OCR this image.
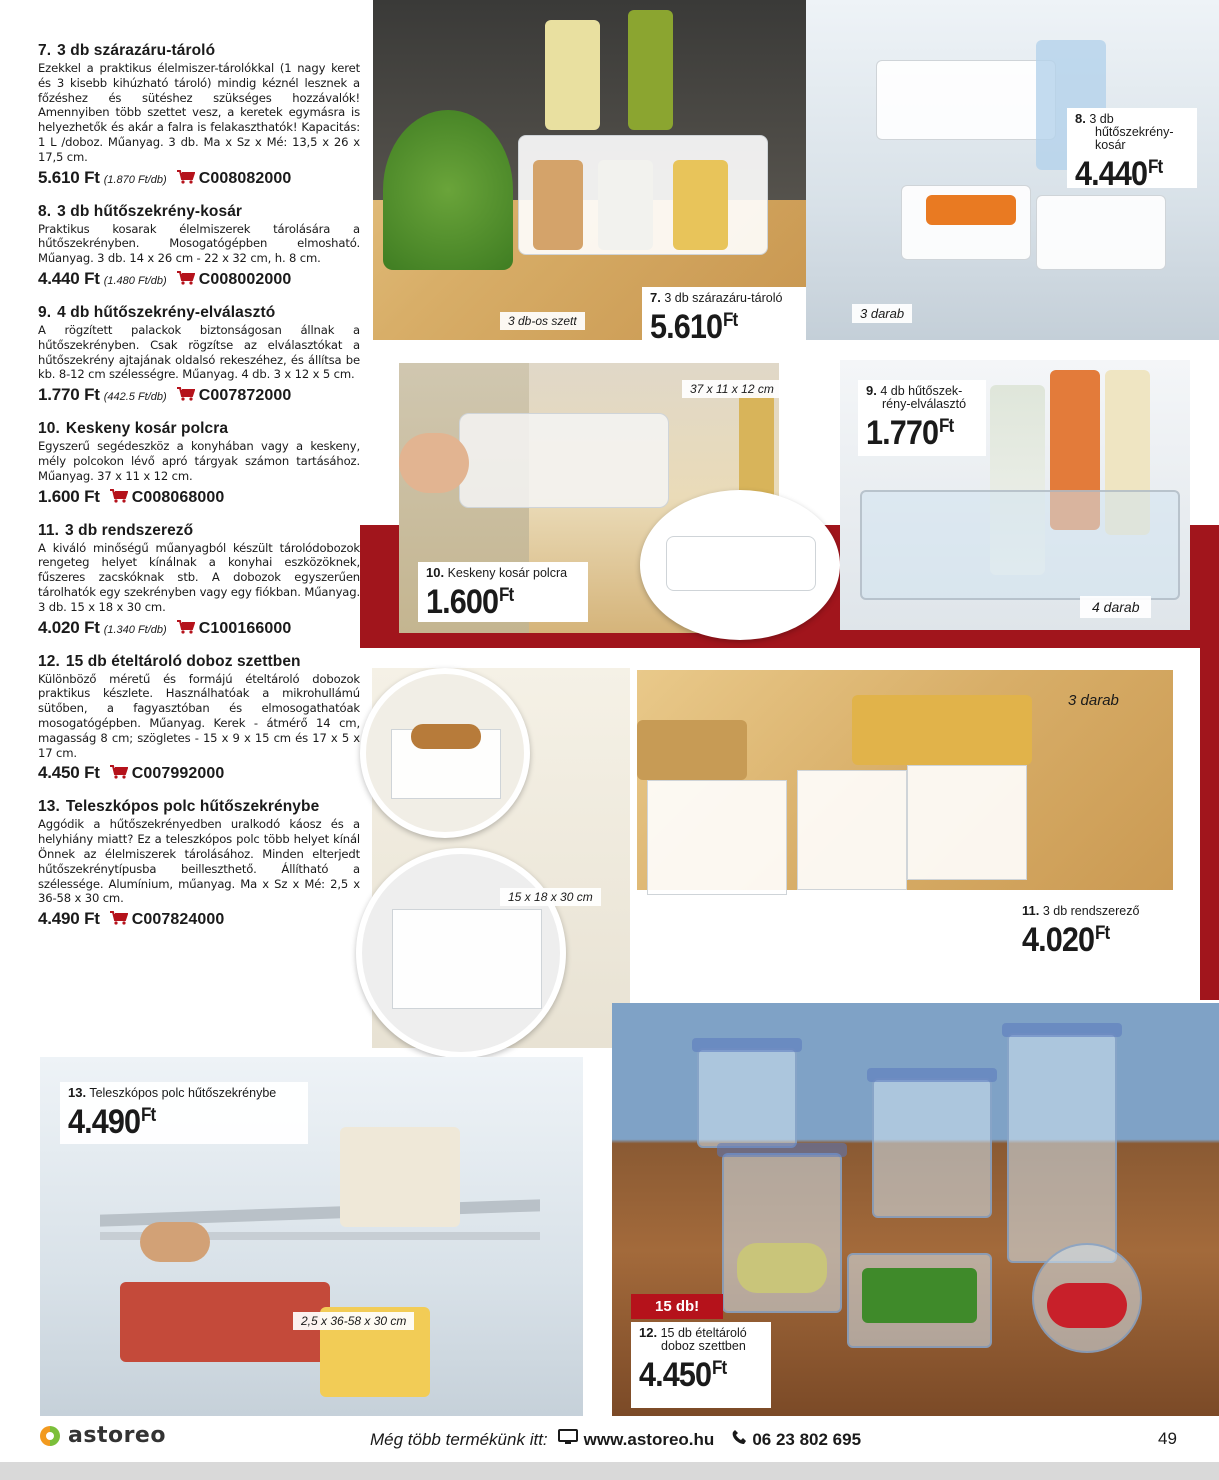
7. 3 db szárazáru-tároló

Ezekkel a praktikus élelmiszer-tárolókkal (1 nagy keret és 3 kisebb kihúzható tároló) mindig kéznél lesznek a főzéshez és sütéshez szükséges hozzávalók! Amennyiben több szettet vesz, a keretek egymásra is helyezhetők és akár a falra is felakaszthatók! Kapacitás: 1 L /doboz. Műanyag. 3 db. Ma x Sz x Mé: 13,5 x 26 x 17,5 cm.

5.610 Ft (1.870 Ft/db) C008082000
8. 3 db hűtőszekrény-kosár

Praktikus kosarak élelmiszerek tárolására a hűtőszekrényben. Mosogatógépben elmosható. Műanyag. 3 db. 14 x 26 cm - 22 x 32 cm, h. 8 cm.

4.440 Ft (1.480 Ft/db) C008002000
9. 4 db hűtőszekrény-elválasztó

A rögzített palackok biztonságosan állnak a hűtőszekrényben. Csak rögzítse az elválasztókat a hűtőszekrény ajtajának oldalsó rekeszéhez, és állítsa be kb. 8-12 cm szélességre. Műanyag. 4 db. 3 x 12 x 5 cm.

1.770 Ft (442.5 Ft/db) C007872000
10. Keskeny kosár polcra

Egyszerű segédeszköz a konyhában vagy a keskeny, mély polcokon lévő apró tárgyak számon tartásához. Műanyag. 37 x 11 x 12 cm.

1.600 Ft C008068000
11. 3 db rendszerező

A kiváló minőségű műanyagból készült tárolódobozok rengeteg helyet kínálnak a konyhai eszközöknek, fűszeres zacskóknak stb. A dobozok egyszerűen tárolhatók egy szekrényben vagy egy fiókban. Műanyag. 3 db. 15 x 18 x 30 cm.

4.020 Ft (1.340 Ft/db) C100166000
12. 15 db ételtároló doboz szettben

Különböző méretű és formájú ételtároló dobozok praktikus készlete. Használhatóak a mikrohullámú sütőben, a fagyasztóban és elmosogathatóak mosogatógépben. Műanyag. Kerek - átmérő 14 cm, magasság 8 cm; szögletes - 15 x 9 x 15 cm és 17 x 5 x 17 cm.

4.450 Ft C007992000
13. Teleszkópos polc hűtőszekrénybe

Aggódik a hűtőszekrényedben uralkodó káosz és a helyhiány miatt? Ez a teleszkópos polc több helyet kínál Önnek az élelmiszerek tárolásához. Minden elterjedt hűtőszekrénytípusba beilleszthető. Állítható a szélessége. Alumínium, műanyag. Ma x Sz x Mé: 2,5 x 36-58 x 30 cm.

4.490 Ft C007824000
3 db-os szett
7. 3 db szárazáru-tároló
$5.610^{Ft}$
8. 3 db
hűtőszekrény-
kosár
$4.440^{Ft}$
3 darab
37 x 11 x 12 cm
10. Keskeny kosár polcra
$1.600^{Ft}$
9. 4 db hűtőszek-
rény-elválasztó
$1.770^{Ft}$
4 darab
3 darab
15 x 18 x 30 cm
11. 3 db rendszerező
$4.020^{Ft}$
13. Teleszkópos polc hűtőszekrénybe
$4.490^{Ft}$
2,5 x 36-58 x 30 cm
15 db!
12. 15 db ételtároló
doboz szettben
$4.450^{Ft}$
astoreo	Még több termékünk itt: www.astoreo.hu 06 23 802 695	49
